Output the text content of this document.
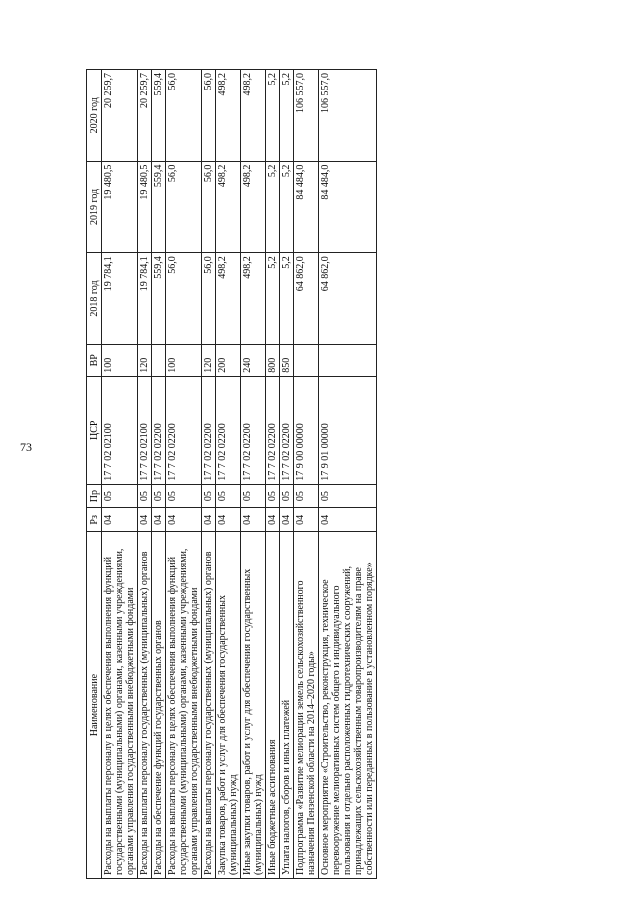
73
Наименование	Рз	Пр	ЦСР	ВР	2018 год	2019 год	2020 год
Расходы на выплаты персоналу в целях обеспечения выполнения функций государственными (муниципальными) органами, казенными учреждениями, органами управления государственными внебюджетными фондами	04	05	17 7 02 02100	100	19 784,1	19 480,5	20 259,7
Расходы на выплаты персоналу государственных (муниципальных) органов	04	05	17 7 02 02100	120	19 784,1	19 480,5	20 259,7
Расходы на обеспечение функций государственных органов	04	05	17 7 02 02200		559,4	559,4	559,4
Расходы на выплаты персоналу в целях обеспечения выполнения функций государственными (муниципальными) органами, казенными учреждениями, органами управления государственными внебюджетными фондами	04	05	17 7 02 02200	100	56,0	56,0	56,0
Расходы на выплаты персоналу государственных (муниципальных) органов	04	05	17 7 02 02200	120	56,0	56,0	56,0
Закупка товаров, работ и услуг для обеспечения государственных (муниципальных) нужд	04	05	17 7 02 02200	200	498,2	498,2	498,2
Иные закупки товаров, работ и услуг для обеспечения государственных (муниципальных) нужд	04	05	17 7 02 02200	240	498,2	498,2	498,2
Иные бюджетные ассигнования	04	05	17 7 02 02200	800	5,2	5,2	5,2
Уплата налогов, сборов и иных платежей	04	05	17 7 02 02200	850	5,2	5,2	5,2
Подпрограмма «Развитие мелиорации земель сельскохозяйственного назначения Пензенской области на 2014–2020 годы»	04	05	17 9 00 00000		64 862,0	84 484,0	106 557,0
Основное мероприятие «Строительство, реконструкция, техническое перевооружение мелиоративных систем общего и индивидуального пользования и отдельно расположенных гидротехнических сооружений, принадлежащих сельскохозяйственным товаропроизводителям на праве собственности или переданных в пользование в установленном порядке»	04	05	17 9 01 00000		64 862,0	84 484,0	106 557,0
